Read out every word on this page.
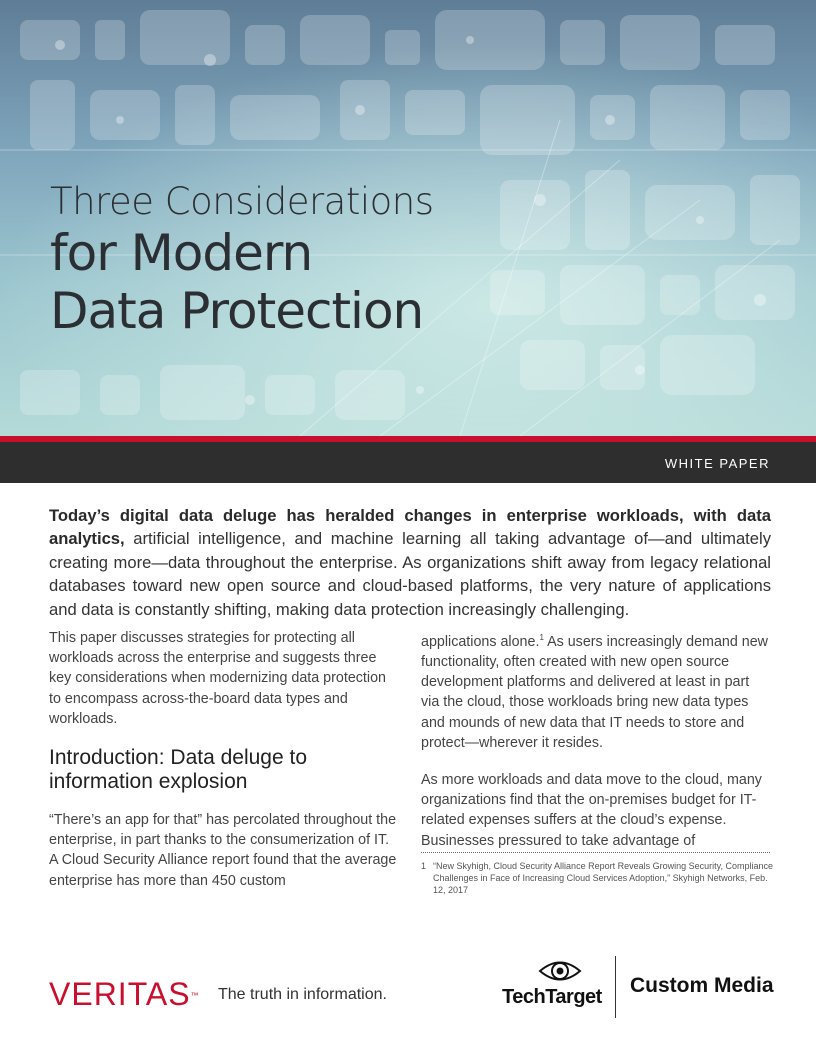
Three Considerations
for Modern
Data Protection
WHITE PAPER

Today’s digital data deluge has heralded changes in enterprise workloads, with data analytics, artificial intelligence, and machine learning all taking advantage of—and ultimately creating more—data throughout the enterprise. As organizations shift away from legacy relational databases toward new open source and cloud-based platforms, the very nature of applications and data is constantly shifting, making data protection increasingly challenging.

This paper discusses strategies for protecting all workloads across the enterprise and suggests three key considerations when modernizing data protection to encompass across-the-board data types and workloads.

Introduction: Data deluge to information explosion

“There’s an app for that” has percolated throughout the enterprise, in part thanks to the consumerization of IT. A Cloud Security Alliance report found that the average enterprise has more than 450 custom

applications alone.$^1$ As users increasingly demand new functionality, often created with new open source development platforms and delivered at least in part via the cloud, those workloads bring new data types and mounds of new data that IT needs to store and protect—wherever it resides.

As more workloads and data move to the cloud, many organizations find that the on-premises budget for IT-related expenses suffers at the cloud’s expense. Businesses pressured to take advantage of

1 “New Skyhigh, Cloud Security Alliance Report Reveals Growing Security, Compliance Challenges in Face of Increasing Cloud Services Adoption,” Skyhigh Networks, Feb. 12, 2017
VERITAS™ The truth in information.	TechTarget Custom Media
